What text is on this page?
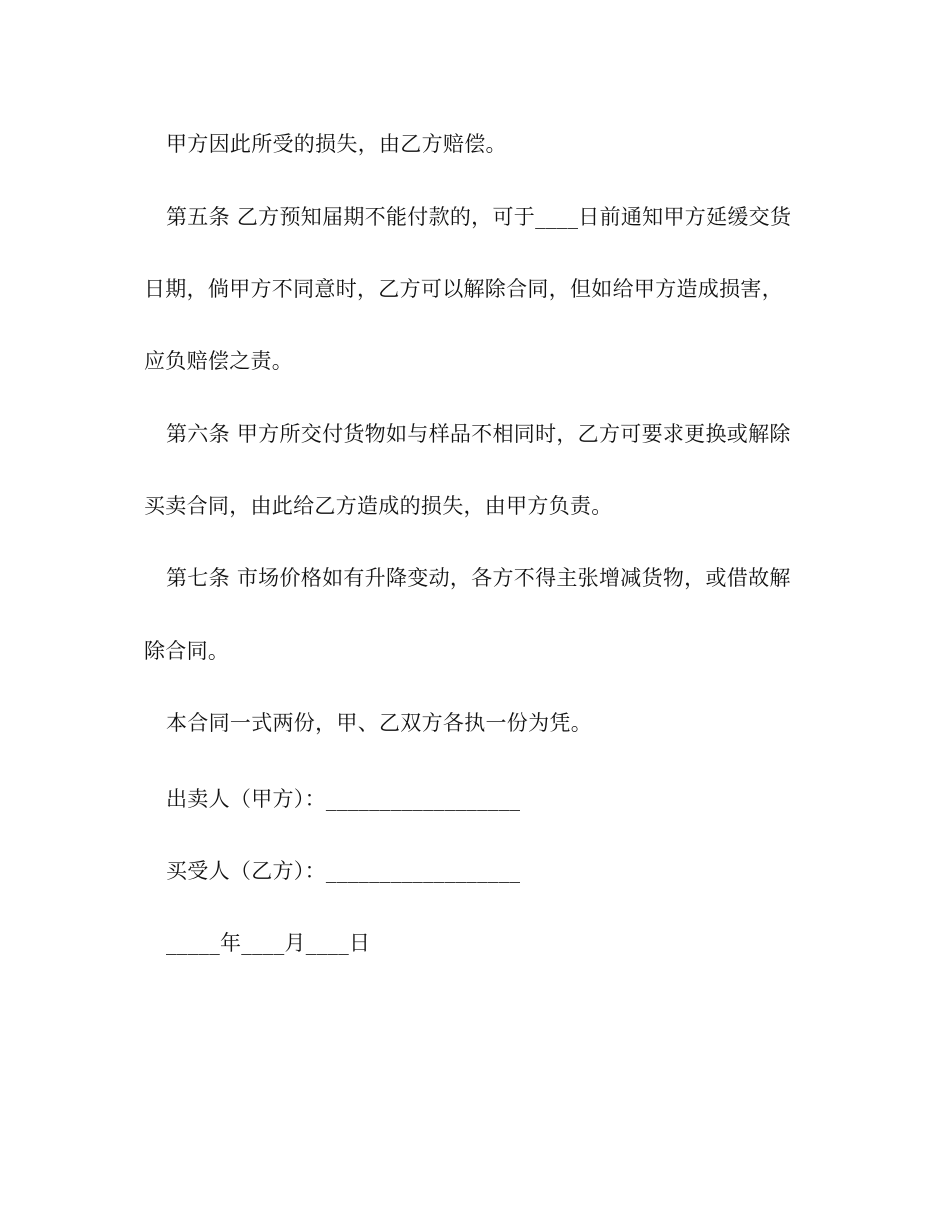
甲方因此所受的损失，由乙方赔偿。
第五条 乙方预知届期不能付款的，可于____日前通知甲方延缓交货
日期，倘甲方不同意时，乙方可以解除合同，但如给甲方造成损害，
应负赔偿之责。
第六条 甲方所交付货物如与样品不相同时，乙方可要求更换或解除
买卖合同，由此给乙方造成的损失，由甲方负责。
第七条 市场价格如有升降变动，各方不得主张增减货物，或借故解
除合同。
本合同一式两份，甲、乙双方各执一份为凭。
出卖人（甲方）：__________________
买受人（乙方）：__________________
_____年____月____日
